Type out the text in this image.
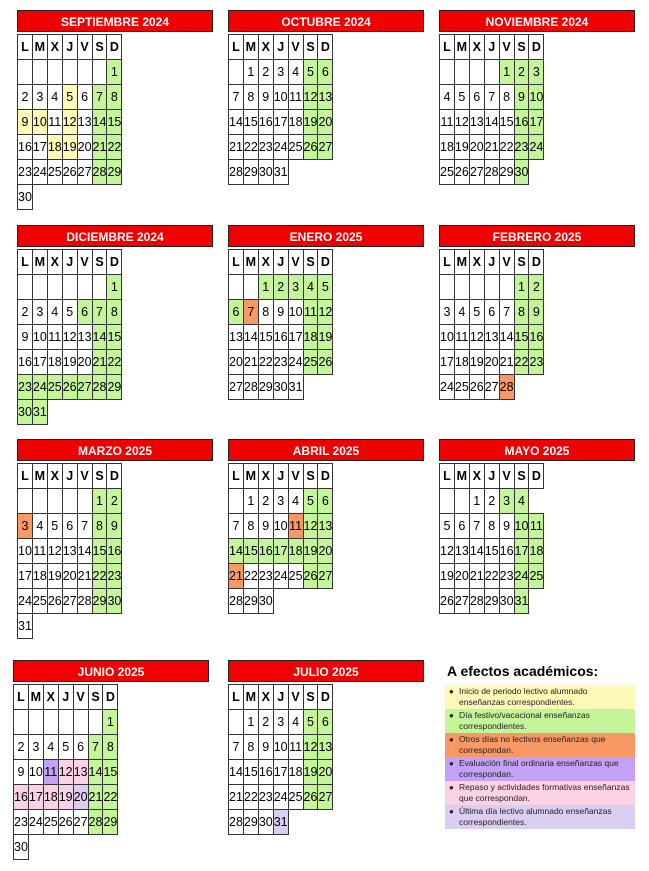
SEPTIEMBRE 2024
L	M	X	J	V	S	D
						1
2	3	4	5	6	7	8
9	10	11	12	13	14	15
16	17	18	19	20	21	22
23	24	25	26	27	28	29
30						
OCTUBRE 2024
L	M	X	J	V	S	D
	1	2	3	4	5	6
7	8	9	10	11	12	13
14	15	16	17	18	19	20
21	22	23	24	25	26	27
28	29	30	31			
NOVIEMBRE 2024
L	M	X	J	V	S	D
				1	2	3
4	5	6	7	8	9	10
11	12	13	14	15	16	17
18	19	20	21	22	23	24
25	26	27	28	29	30	
DICIEMBRE 2024
L	M	X	J	V	S	D
						1
2	3	4	5	6	7	8
9	10	11	12	13	14	15
16	17	18	19	20	21	22
23	24	25	26	27	28	29
30	31					
ENERO 2025
L	M	X	J	V	S	D
		1	2	3	4	5
6	7	8	9	10	11	12
13	14	15	16	17	18	19
20	21	22	23	24	25	26
27	28	29	30	31		
FEBRERO 2025
L	M	X	J	V	S	D
					1	2
3	4	5	6	7	8	9
10	11	12	13	14	15	16
17	18	19	20	21	22	23
24	25	26	27	28		
MARZO 2025
L	M	X	J	V	S	D
					1	2
3	4	5	6	7	8	9
10	11	12	13	14	15	16
17	18	19	20	21	22	23
24	25	26	27	28	29	30
31						
ABRIL 2025
L	M	X	J	V	S	D
	1	2	3	4	5	6
7	8	9	10	11	12	13
14	15	16	17	18	19	20
21	22	23	24	25	26	27
28	29	30				
MAYO 2025
L	M	X	J	V	S	D
		1	2	3	4	
5	6	7	8	9	10	11
12	13	14	15	16	17	18
19	20	21	22	23	24	25
26	27	28	29	30	31	
JUNIO 2025
L	M	X	J	V	S	D
						1
2	3	4	5	6	7	8
9	10	11	12	13	14	15
16	17	18	19	20	21	22
23	24	25	26	27	28	29
30						
JULIO 2025
L	M	X	J	V	S	D
	1	2	3	4	5	6
7	8	9	10	11	12	13
14	15	16	17	18	19	20
21	22	23	24	25	26	27
28	29	30	31			
A efectos académicos:
● Inicio de periodo lectivo alumnado enseñanzas correspondientes.
● Día festivo/vacacional enseñanzas correspondientes.
● Otros días no lectivos enseñanzas que correspondan.
● Evaluación final ordinaria enseñanzas que correspondan.
● Repaso y actividades formativas enseñanzas que correspondan.
● Última día lectivo alumnado enseñanzas correspondientes.
